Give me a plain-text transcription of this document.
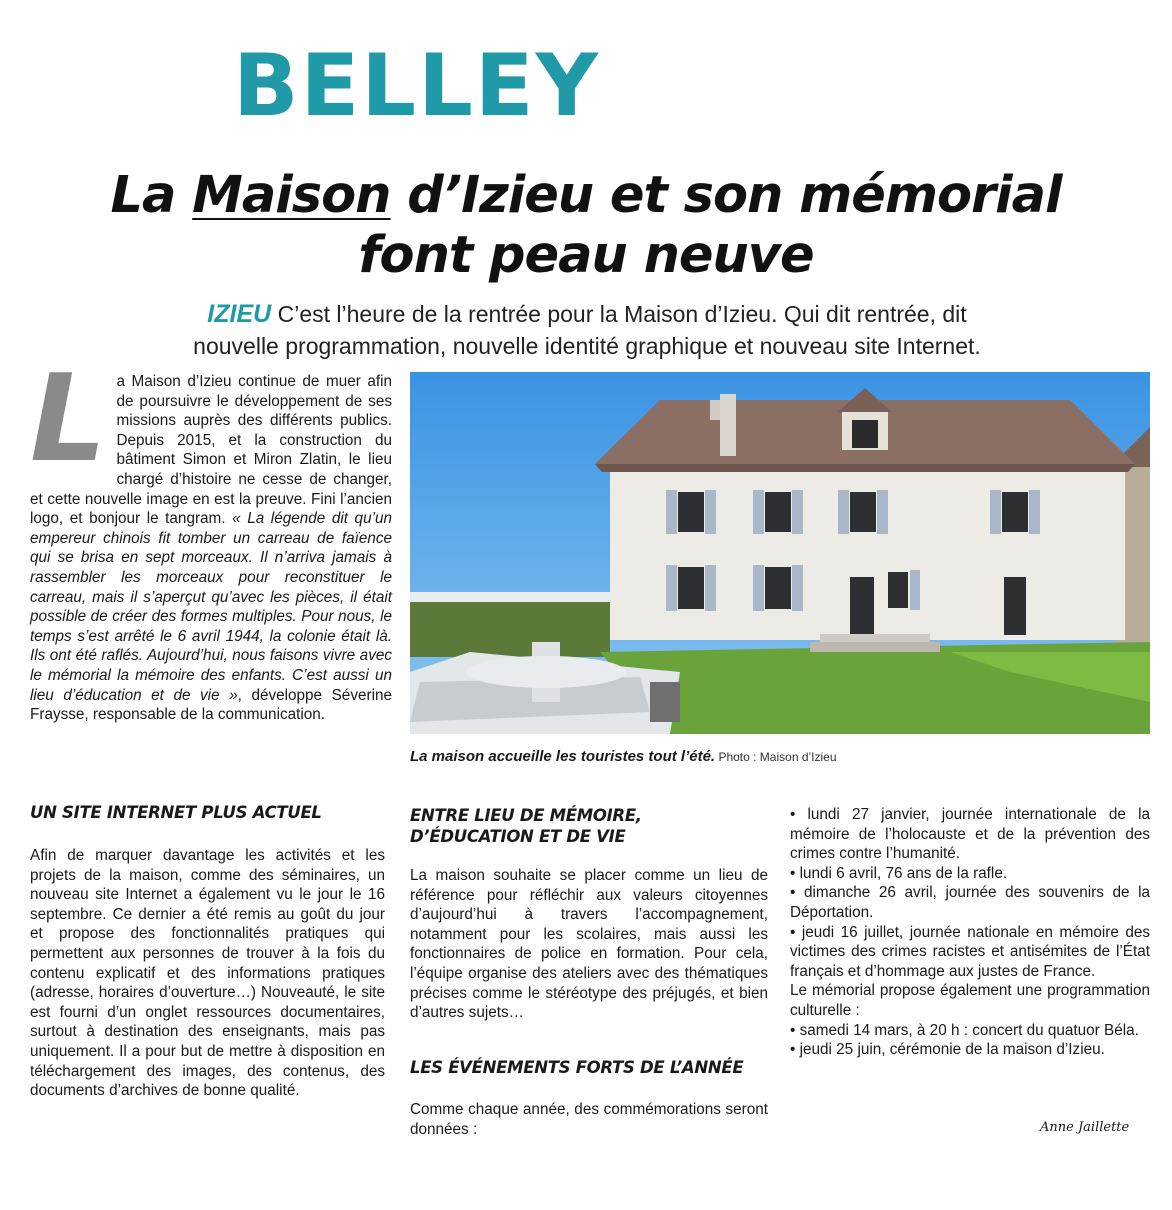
BELLEY
La Maison d’Izieu et son mémorial
font peau neuve
IZIEU C’est l’heure de la rentrée pour la Maison d’Izieu. Qui dit rentrée, dit
nouvelle programmation, nouvelle identité graphique et nouveau site Internet.
L a Maison d’Izieu continue de muer afin de poursuivre le développement de ses missions auprès des différents publics. Depuis 2015, et la construction du bâtiment Simon et Miron Zlatin, le lieu chargé d’histoire ne cesse de changer, et cette nouvelle image en est la preuve. Fini l’ancien logo, et bonjour le tangram. « La légende dit qu’un empereur chinois fit tomber un carreau de faïence qui se brisa en sept morceaux. Il n’arriva jamais à rassembler les morceaux pour reconstituer le carreau, mais il s’aperçut qu’avec les pièces, il était possible de créer des formes multiples. Pour nous, le temps s’est arrêté le 6 avril 1944, la colonie était là. Ils ont été raflés. Aujourd’hui, nous faisons vivre avec le mémorial la mémoire des enfants. C’est aussi un lieu d’éducation et de vie », développe Séverine Fraysse, responsable de la communication.
La maison accueille les touristes tout l’été. Photo : Maison d’Izieu
UN SITE INTERNET PLUS ACTUEL

Afin de marquer davantage les activités et les projets de la maison, comme des séminaires, un nouveau site Internet a également vu le jour le 16 septembre. Ce dernier a été remis au goût du jour et propose des fonctionnalités pratiques qui permettent aux personnes de trouver à la fois du contenu explicatif et des informations pratiques (adresse, horaires d’ouverture…) Nouveauté, le site est fourni d’un onglet ressources documentaires, surtout à destination des enseignants, mais pas uniquement. Il a pour but de mettre à disposition en téléchargement des images, des contenus, des documents d’archives de bonne qualité.

ENTRE LIEU DE MÉMOIRE,
D’ÉDUCATION ET DE VIE

La maison souhaite se placer comme un lieu de référence pour réfléchir aux valeurs citoyennes d’aujourd’hui à travers l’accompagnement, notamment pour les scolaires, mais aussi les fonctionnaires de police en formation. Pour cela, l’équipe organise des ateliers avec des thématiques précises comme le stéréotype des préjugés, et bien d’autres sujets…

LES ÉVÉNEMENTS FORTS DE L’ANNÉE

Comme chaque année, des commémorations seront données :

• lundi 27 janvier, journée internationale de la mémoire de l’holocauste et de la prévention des crimes contre l’humanité.

• lundi 6 avril, 76 ans de la rafle.

• dimanche 26 avril, journée des souvenirs de la Déportation.

• jeudi 16 juillet, journée nationale en mémoire des victimes des crimes racistes et antisémites de l’État français et d’hommage aux justes de France.

Le mémorial propose également une programmation culturelle :

• samedi 14 mars, à 20 h : concert du quatuor Béla.

• jeudi 25 juin, cérémonie de la maison d’Izieu.

Anne Jaillette
